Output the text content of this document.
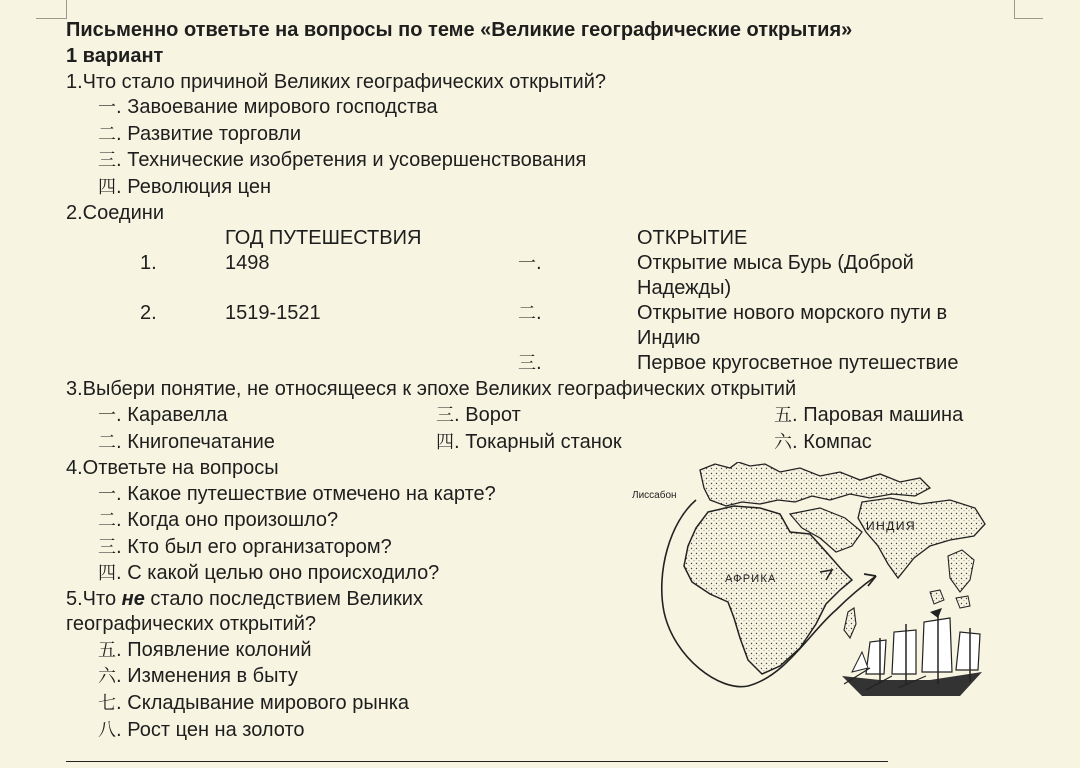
Письменно ответьте на вопросы по теме «Великие географические открытия»
1 вариант
1.Что стало причиной Великих географических открытий?
一. Завоевание мирового господства
二. Развитие торговли
三. Технические изобретения и усовершенствования
四. Революция цен
2.Соедини
ГОД ПУТЕШЕСТВИЯ	ОТКРЫТИЕ
1.	1498	一.	Открытие мыса Бурь (Доброй
Надежды)
2.	1519-1521	二.	Открытие нового морского пути в
Индию
三.	Первое кругосветное путешествие
3.Выбери понятие, не относящееся к эпохе Великих географических открытий
一. Каравелла	三. Ворот	五. Паровая машина
二. Книгопечатание	四. Токарный станок	六. Компас
4.Ответьте на вопросы
一. Какое путешествие отмечено на карте?
二. Когда оно произошло?
三. Кто был его организатором?
四. С какой целью оно происходило?
5.Что не стало последствием Великих
географических открытий?
五. Появление колоний
六. Изменения в быту
七. Складывание мирового рынка
八. Рост цен на золото
Лиссабон
ИНДИЯ
АФРИКА
